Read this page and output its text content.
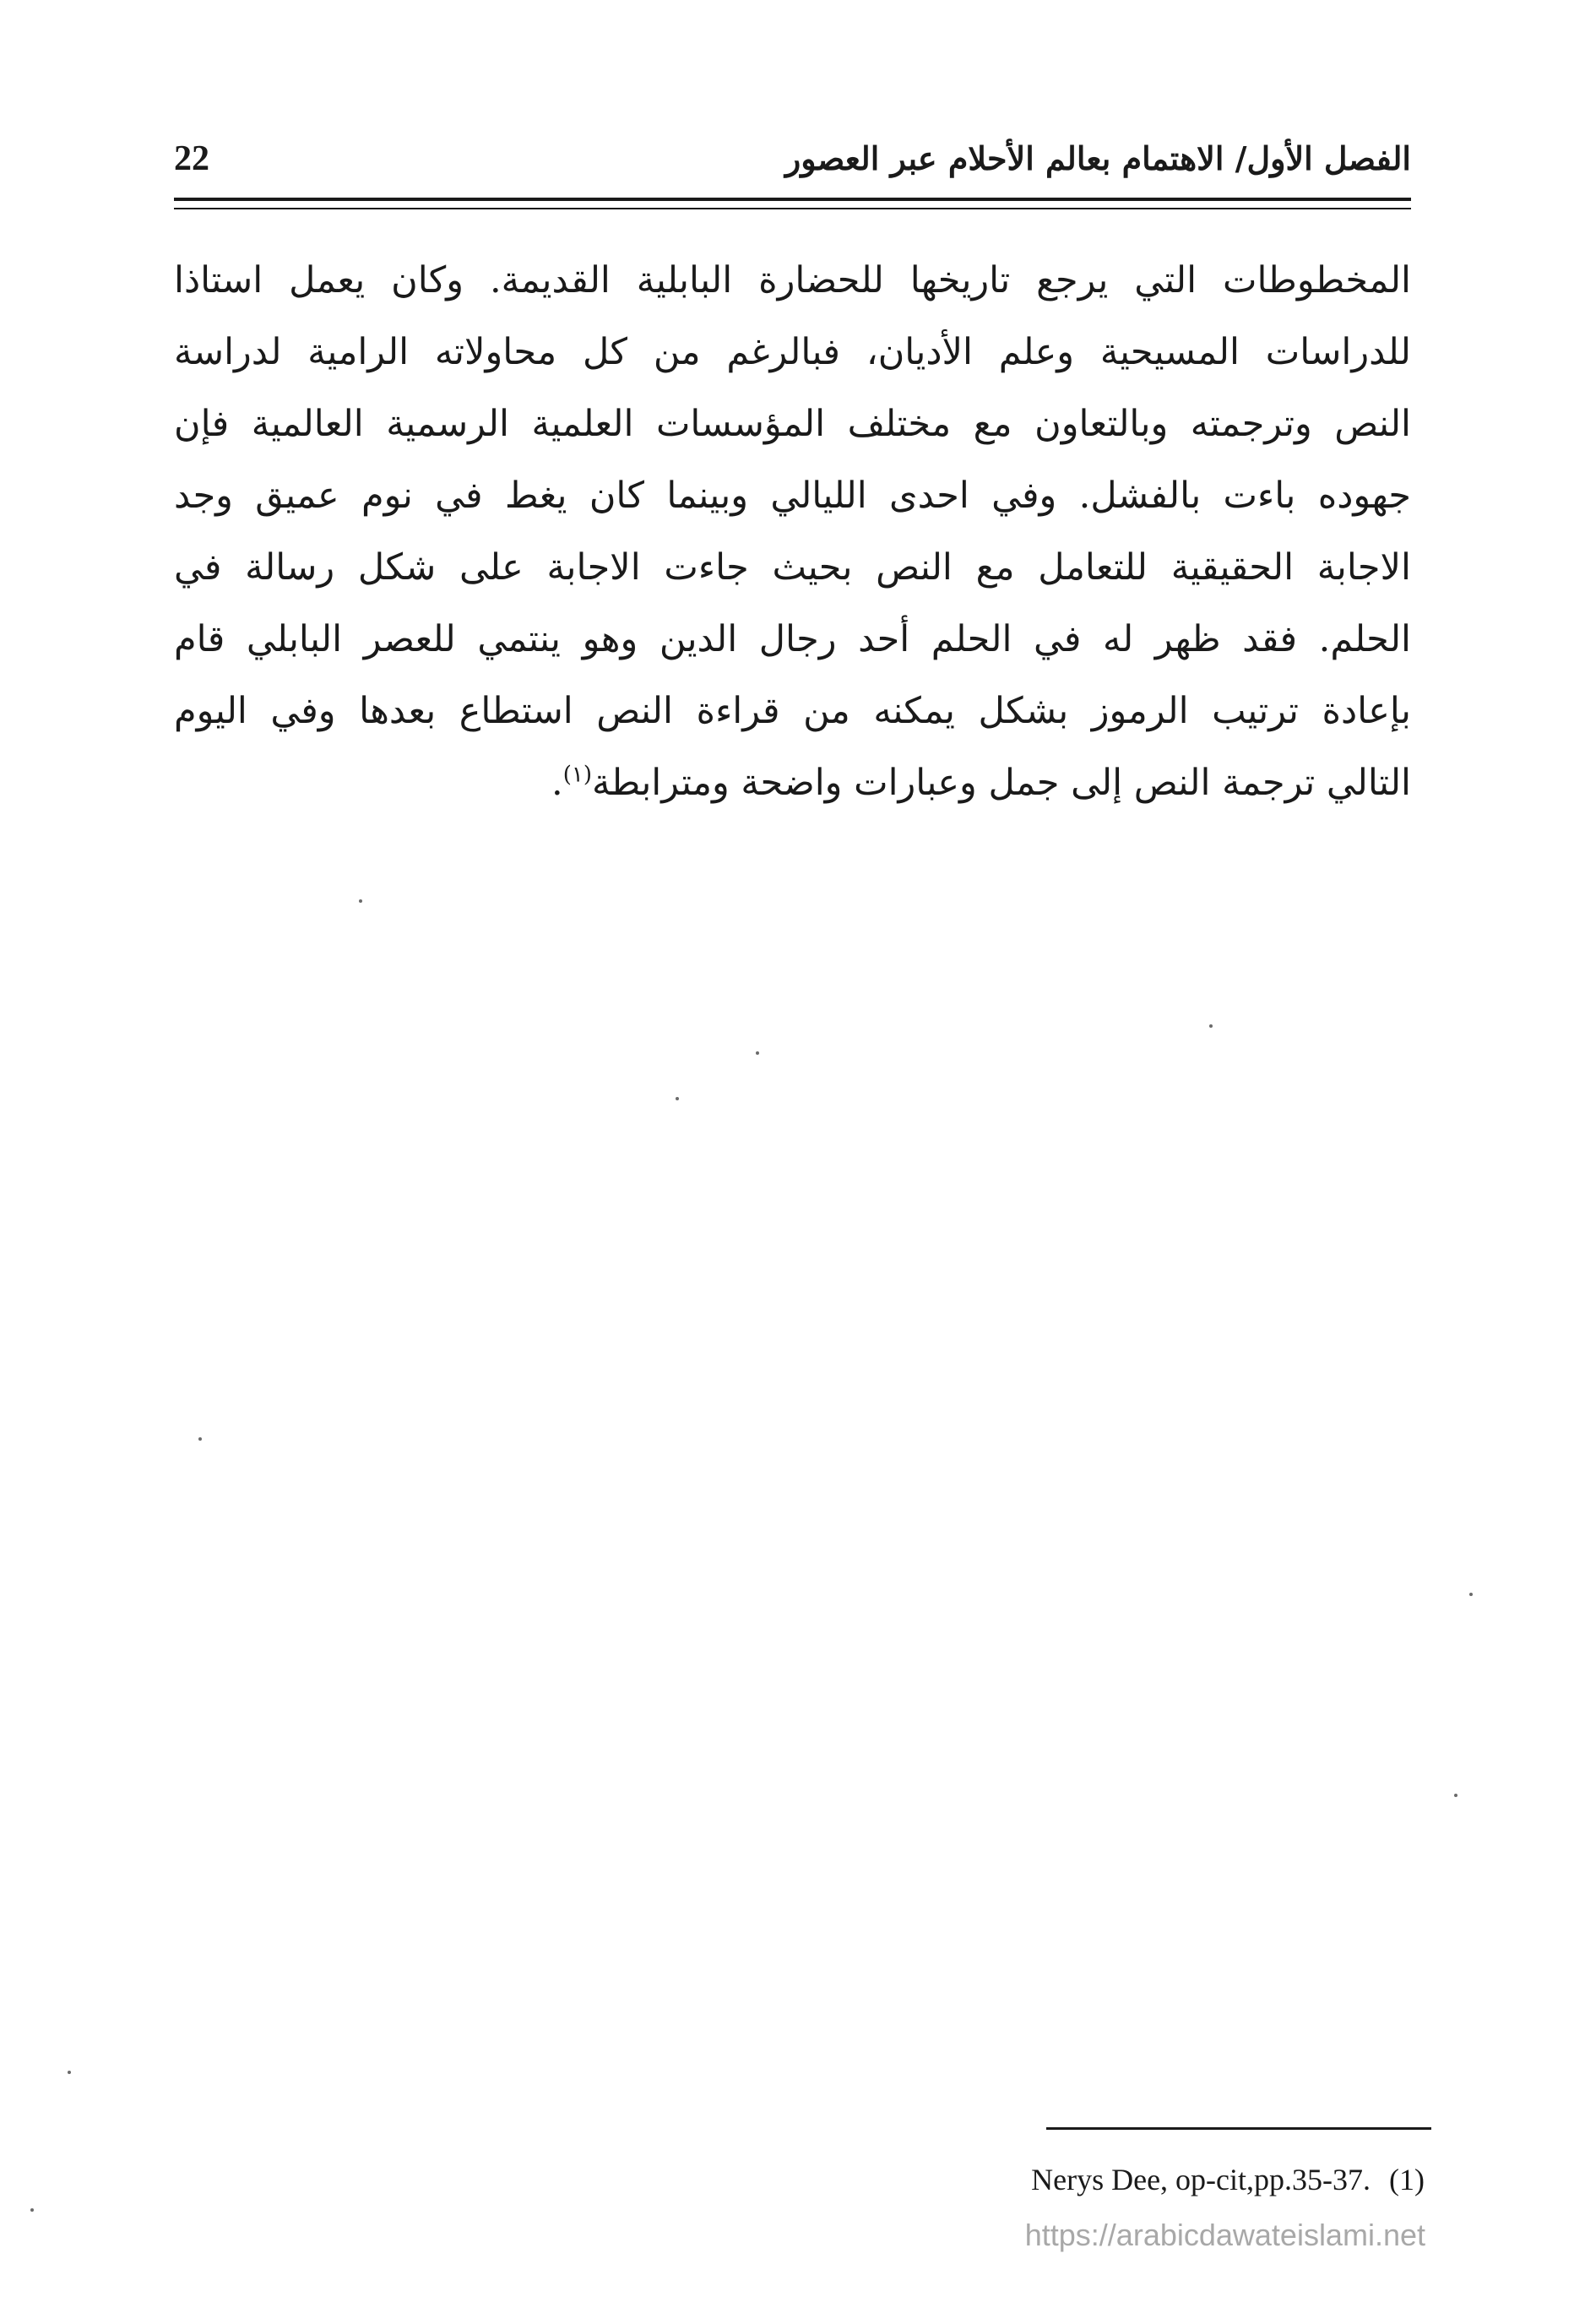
22	الفصل الأول/ الاهتمام بعالم الأحلام عبر العصور
المخطوطات التي يرجع تاريخها للحضارة البابلية القديمة. وكان يعمل استاذا
للدراسات المسيحية وعلم الأديان، فبالرغم من كل محاولاته الرامية لدراسة
النص وترجمته وبالتعاون مع مختلف المؤسسات العلمية الرسمية العالمية فإن
جهوده باءت بالفشل. وفي احدى الليالي وبينما كان يغط في نوم عميق وجد
الاجابة الحقيقية للتعامل مع النص بحيث جاءت الاجابة على شكل رسالة في
الحلم. فقد ظهر له في الحلم أحد رجال الدين وهو ينتمي للعصر البابلي قام
بإعادة ترتيب الرموز بشكل يمكنه من قراءة النص استطاع بعدها وفي اليوم
التالي ترجمة النص إلى جمل وعبارات واضحة ومترابطة$^{(١)}$.
Nerys Dee, op-cit,pp.35-37. (1)
https://arabicdawateislami.net
